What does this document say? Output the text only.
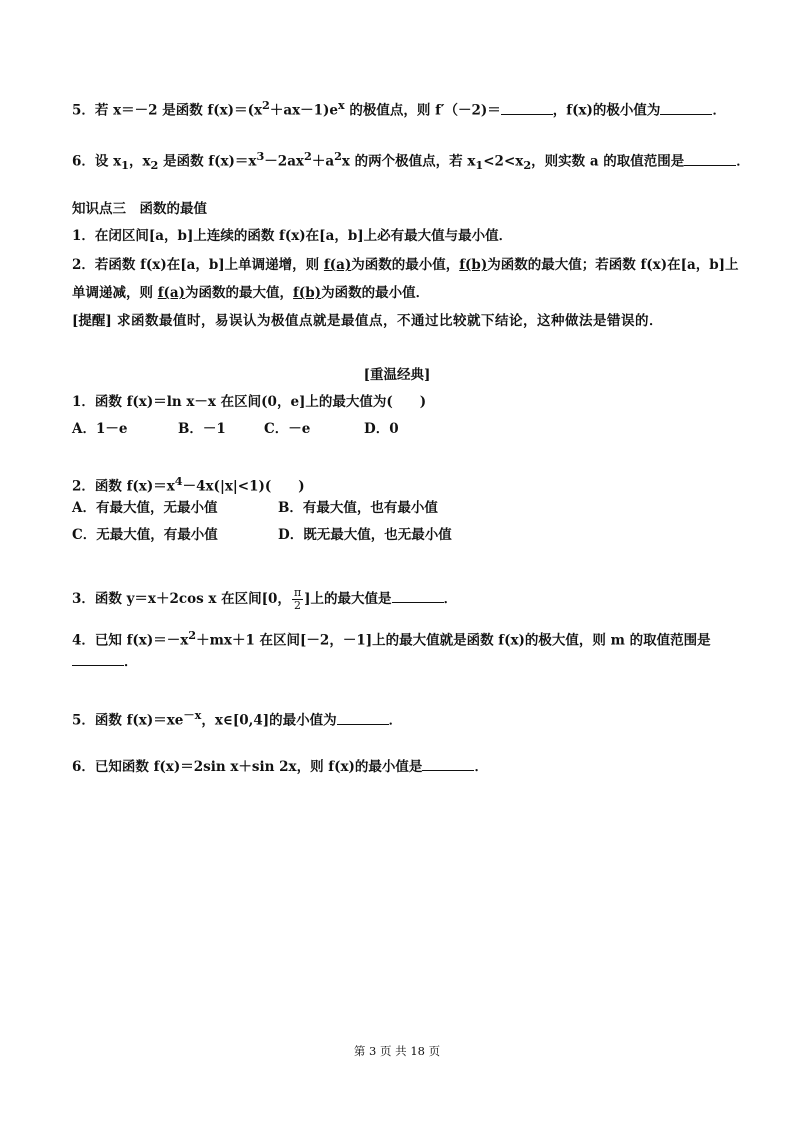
5．若 x＝－2 是函数 $f(x)=(x^2+ax-1)e^x$ 的极值点，则 f′（－2)＝	，f(x)的极小值为	．
6．设 $x_1$，$x_2$ 是函数 $f(x)=x^3-2ax^2+a^2x$ 的两个极值点，若 $x_1<2<x_2$，则实数 a 的取值范围是	．
知识点三　函数的最值
1．在闭区间[a，b]上连续的函数 f(x)在[a，b]上必有最大值与最小值．
2．若函数 f(x)在[a，b]上单调递增，则 f(a)为函数的最小值，f(b)为函数的最大值；若函数 f(x)在[a，b]上
单调递减，则 f(a)为函数的最大值，f(b)为函数的最小值．
[提醒] 求函数最值时，易误认为极值点就是最值点，不通过比较就下结论，这种做法是错误的．
[重温经典]
1．函数 f(x)＝ln x－x 在区间(0，e]上的最大值为(　　)
A．1－e	B．－1	C．－e	D．0
2．函数 $f(x)=x^4-4x(|x|<1)$(　　)
A．有最大值，无最小值	B．有最大值，也有最小值
C．无最大值，有最小值	D．既无最大值，也无最小值
3．函数 y＝x＋2cos x 在区间[0， $\frac{\pi}{2}$ ]上的最大值是	．
4．已知 $f(x)=-x^2+mx+1$ 在区间[－2，－1]上的最大值就是函数 f(x)的极大值，则 m 的取值范围是
．
5．函数 $f(x)=xe^{-x}$，x∈[0,4]的最小值为	．
6．已知函数 f(x)＝2sin x＋sin 2x，则 f(x)的最小值是	．
第 3 页 共 18 页
